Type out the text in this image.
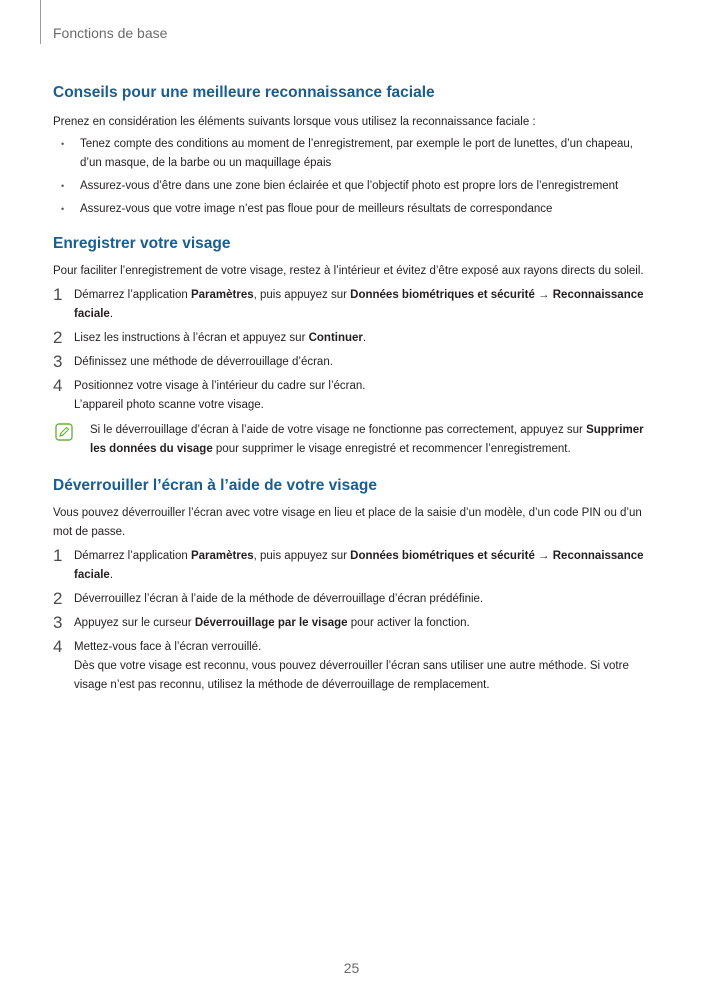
Fonctions de base
Conseils pour une meilleure reconnaissance faciale

Prenez en considération les éléments suivants lorsque vous utilisez la reconnaissance faciale :

• Tenez compte des conditions au moment de l’enregistrement, par exemple le port de lunettes, d’un chapeau, d’un masque, de la barbe ou un maquillage épais
• Assurez-vous d’être dans une zone bien éclairée et que l’objectif photo est propre lors de l’enregistrement
• Assurez-vous que votre image n’est pas floue pour de meilleurs résultats de correspondance
Enregistrer votre visage

Pour faciliter l’enregistrement de votre visage, restez à l’intérieur et évitez d’être exposé aux rayons directs du soleil.

1 Démarrez l’application Paramètres, puis appuyez sur Données biométriques et sécurité → Reconnaissance faciale.
2 Lisez les instructions à l’écran et appuyez sur Continuer.
3 Définissez une méthode de déverrouillage d’écran.
4 Positionnez votre visage à l’intérieur du cadre sur l’écran.
L’appareil photo scanne votre visage.
Si le déverrouillage d’écran à l’aide de votre visage ne fonctionne pas correctement, appuyez sur Supprimer les données du visage pour supprimer le visage enregistré et recommencer l’enregistrement.
Déverrouiller l’écran à l’aide de votre visage

Vous pouvez déverrouiller l’écran avec votre visage en lieu et place de la saisie d’un modèle, d’un code PIN ou d’un mot de passe.

1 Démarrez l’application Paramètres, puis appuyez sur Données biométriques et sécurité → Reconnaissance faciale.
2 Déverrouillez l’écran à l’aide de la méthode de déverrouillage d’écran prédéfinie.
3 Appuyez sur le curseur Déverrouillage par le visage pour activer la fonction.
4 Mettez-vous face à l’écran verrouillé.
Dès que votre visage est reconnu, vous pouvez déverrouiller l’écran sans utiliser une autre méthode. Si votre visage n’est pas reconnu, utilisez la méthode de déverrouillage de remplacement.
25
